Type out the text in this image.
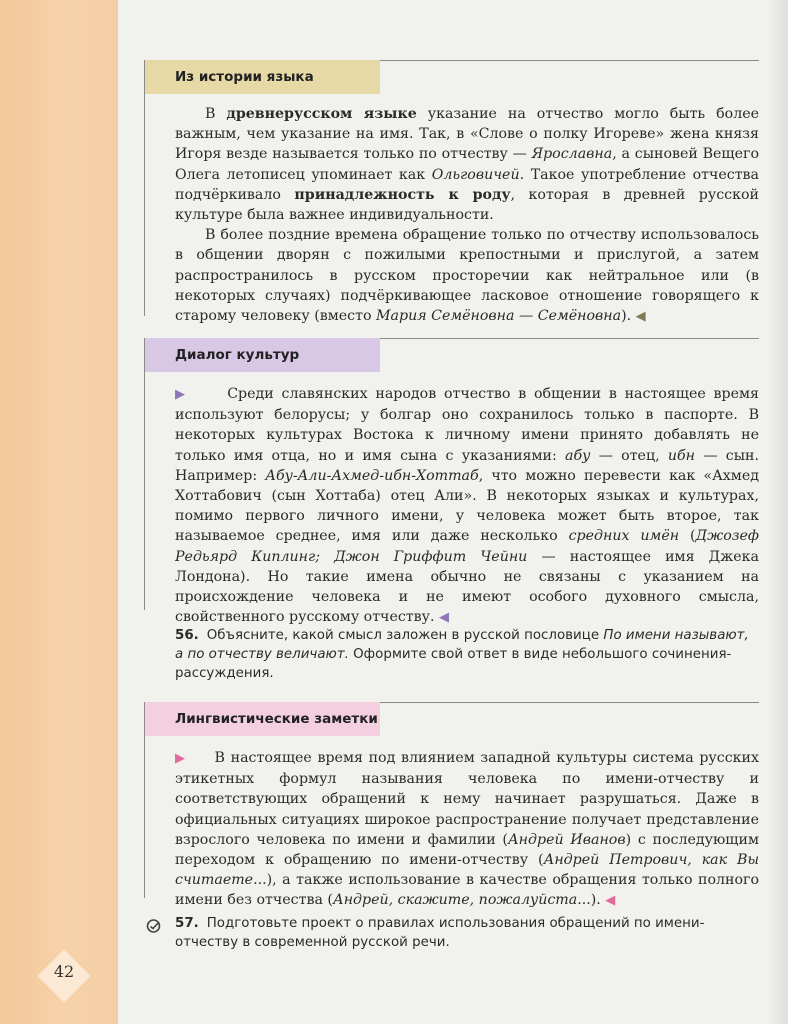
Из истории языка

В древнерусском языке указание на отчество могло быть более важным, чем указание на имя. Так, в «Слове о полку Игореве» жена князя Игоря везде называется только по отчеству — Ярославна, а сыновей Вещего Олега летописец упоминает как Ольговичей. Такое употребление отчества подчёркивало принадлежность к роду, которая в древней русской культуре была важнее индивидуальности.

В более поздние времена обращение только по отчеству использовалось в общении дворян с пожилыми крепостными и прислугой, а затем распространилось в русском просторечии как нейтральное или (в некоторых случаях) подчёркивающее ласковое отношение говорящего к старому человеку (вместо Мария Семёновна — Семёновна). ◀

Диалог культур

▶	Среди славянских народов отчество в общении в настоящее время используют белорусы; у болгар оно сохранилось только в паспорте. В некоторых культурах Востока к личному имени принято добавлять не только имя отца, но и имя сына с указаниями: абу — отец, ибн — сын. Например: Абу-Али-Ахмед-ибн-Хоттаб, что можно перевести как «Ахмед Хоттабович (сын Хоттаба) отец Али». В некоторых языках и культурах, помимо первого личного имени, у человека может быть второе, так называемое среднее, имя или даже несколько средних имён (Джозеф Редьярд Киплинг; Джон Гриффит Чейни — настоящее имя Джека Лондона). Но такие имена обычно не связаны с указанием на происхождение человека и не имеют особого духовного смысла, свойственного русскому отчеству. ◀

56. Объясните, какой смысл заложен в русской пословице По имени называют, а по отчеству величают. Оформите свой ответ в виде небольшого сочинения-рассуждения.
Лингвистические заметки

▶ В настоящее время под влиянием западной культуры система русских этикетных формул называния человека по имени-отчеству и соответствующих обращений к нему начинает разрушаться. Даже в официальных ситуациях широкое распространение получает представление взрослого человека по имени и фамилии (Андрей Иванов) с последующим переходом к обращению по имени-отчеству (Андрей Петрович, как Вы считаете...), а также использование в качестве обращения только полного имени без отчества (Андрей, скажите, пожалуйста...). ◀

57. Подготовьте проект о правилах использования обращений по имени-отчеству в современной русской речи.
42
